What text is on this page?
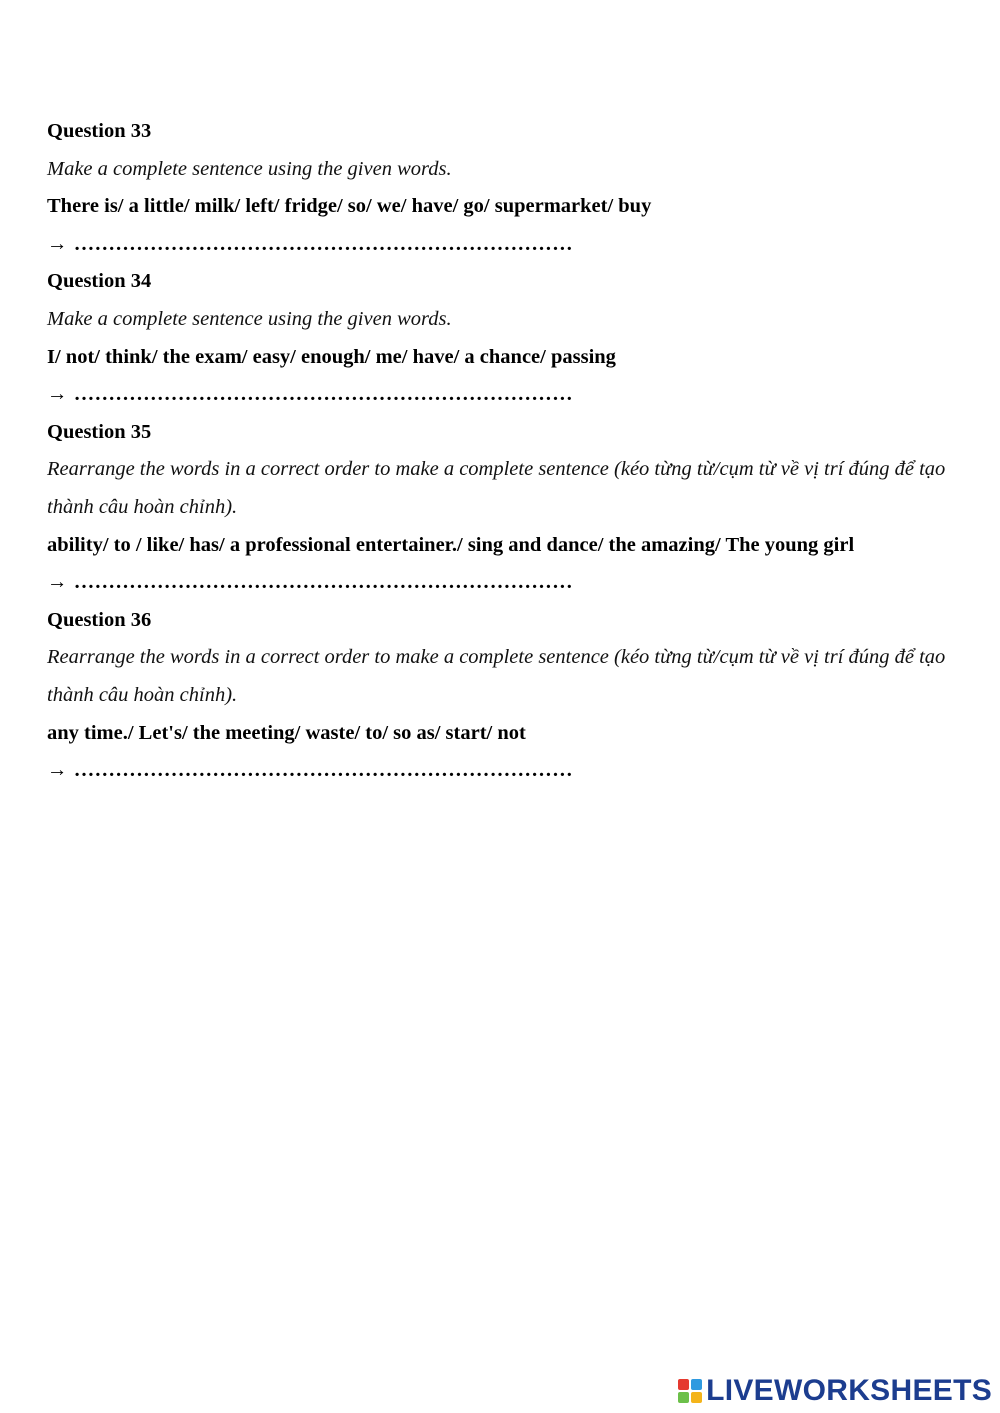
Question 33
Make a complete sentence using the given words.
There is/ a little/ milk/ left/ fridge/ so/ we/ have/ go/ supermarket/ buy
→ ………………………………………………………………
Question 34
Make a complete sentence using the given words.
I/ not/ think/ the exam/ easy/ enough/ me/ have/ a chance/ passing
→ ………………………………………………………………
Question 35
Rearrange the words in a correct order to make a complete sentence (kéo từng từ/cụm từ về vị trí đúng để tạo thành câu hoàn chỉnh).
ability/ to / like/ has/ a professional entertainer./ sing and dance/ the amazing/ The young girl
→ ………………………………………………………………
Question 36
Rearrange the words in a correct order to make a complete sentence (kéo từng từ/cụm từ về vị trí đúng để tạo thành câu hoàn chỉnh).
any time./ Let's/ the meeting/ waste/ to/ so as/ start/ not
→ ………………………………………………………………
LIVEWORKSHEETS
